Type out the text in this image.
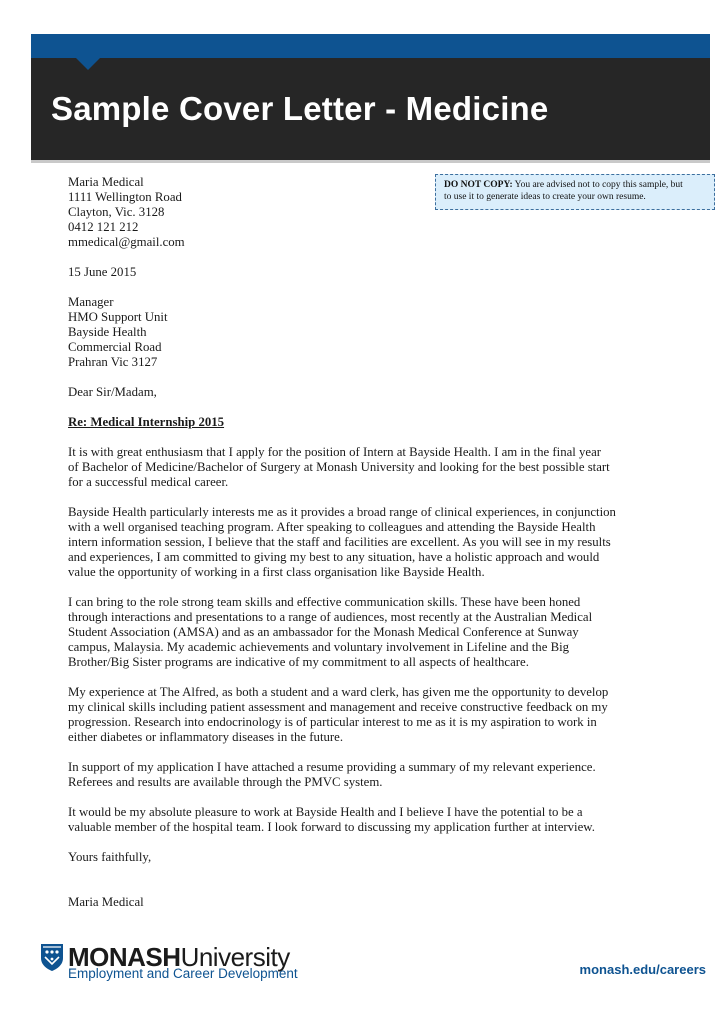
Sample Cover Letter - Medicine
DO NOT COPY: You are advised not to copy this sample, but
to use it to generate ideas to create your own resume.
Maria Medical
1111 Wellington Road
Clayton, Vic. 3128
0412 121 212
mmedical@gmail.com
15 June 2015
Manager
HMO Support Unit
Bayside Health
Commercial Road
Prahran Vic 3127
Dear Sir/Madam,
Re: Medical Internship 2015
It is with great enthusiasm that I apply for the position of Intern at Bayside Health. I am in the final year
of Bachelor of Medicine/Bachelor of Surgery at Monash University and looking for the best possible start
for a successful medical career.
Bayside Health particularly interests me as it provides a broad range of clinical experiences, in conjunction
with a well organised teaching program. After speaking to colleagues and attending the Bayside Health
intern information session, I believe that the staff and facilities are excellent. As you will see in my results
and experiences, I am committed to giving my best to any situation, have a holistic approach and would
value the opportunity of working in a first class organisation like Bayside Health.
I can bring to the role strong team skills and effective communication skills. These have been honed
through interactions and presentations to a range of audiences, most recently at the Australian Medical
Student Association (AMSA) and as an ambassador for the Monash Medical Conference at Sunway
campus, Malaysia. My academic achievements and voluntary involvement in Lifeline and the Big
Brother/Big Sister programs are indicative of my commitment to all aspects of healthcare.
My experience at The Alfred, as both a student and a ward clerk, has given me the opportunity to develop
my clinical skills including patient assessment and management and receive constructive feedback on my
progression. Research into endocrinology is of particular interest to me as it is my aspiration to work in
either diabetes or inflammatory diseases in the future.
In support of my application I have attached a resume providing a summary of my relevant experience.
Referees and results are available through the PMVC system.
It would be my absolute pleasure to work at Bayside Health and I believe I have the potential to be a
valuable member of the hospital team. I look forward to discussing my application further at interview.
Yours faithfully,
Maria Medical
MONASHUniversity
Employment and Career Development	monash.edu/careers
